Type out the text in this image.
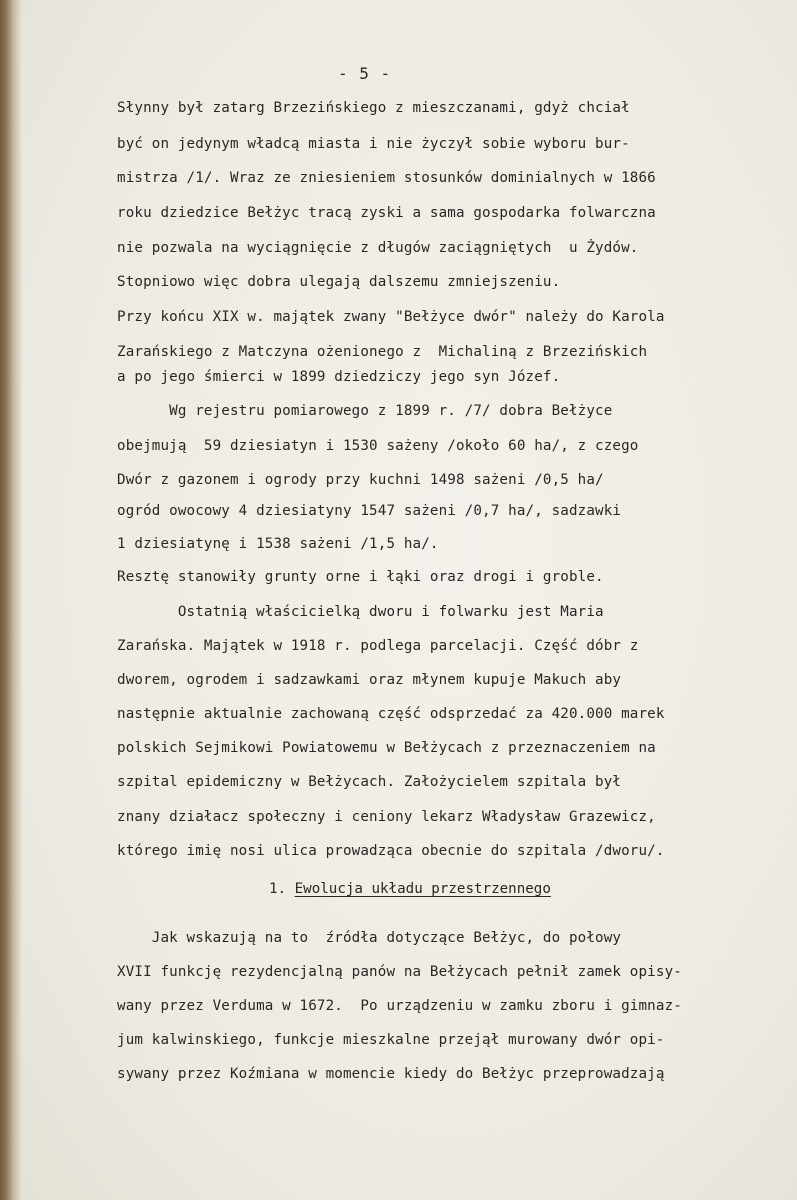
- 5 -
Słynny był zatarg Brzezińskiego z mieszczanami, gdyż chciał
być on jedynym władcą miasta i nie życzył sobie wyboru bur-
mistrza /1/. Wraz ze zniesieniem stosunków dominialnych w 1866
roku dziedzice Bełżyc tracą zyski a sama gospodarka folwarczna
nie pozwala na wyciągnięcie z długów zaciągniętych  u Żydów.
Stopniowo więc dobra ulegają dalszemu zmniejszeniu.
Przy końcu XIX w. majątek zwany "Bełżyce dwór" należy do Karola
Zarańskiego z Matczyna ożenionego z  Michaliną z Brzezińskich
a po jego śmierci w 1899 dziedziczy jego syn Józef.
Wg rejestru pomiarowego z 1899 r. /7/ dobra Bełżyce
obejmują  59 dziesiatyn i 1530 sażeny /około 60 ha/, z czego
Dwór z gazonem i ogrody przy kuchni 1498 sażeni /0,5 ha/
ogród owocowy 4 dziesiatyny 1547 sażeni /0,7 ha/, sadzawki
1 dziesiatynę i 1538 sażeni /1,5 ha/.
Resztę stanowiły grunty orne i łąki oraz drogi i groble.
Ostatnią właścicielką dworu i folwarku jest Maria
Zarańska. Majątek w 1918 r. podlega parcelacji. Część dóbr z
dworem, ogrodem i sadzawkami oraz młynem kupuje Makuch aby
następnie aktualnie zachowaną część odsprzedać za 420.000 marek
polskich Sejmikowi Powiatowemu w Bełżycach z przeznaczeniem na
szpital epidemiczny w Bełżycach. Założycielem szpitala był
znany działacz społeczny i ceniony lekarz Władysław Grazewicz,
którego imię nosi ulica prowadząca obecnie do szpitala /dworu/.
1. Ewolucja układu przestrzennego
Jak wskazują na to  źródła dotyczące Bełżyc, do połowy
XVII funkcję rezydencjalną panów na Bełżycach pełnił zamek opisy-
wany przez Verduma w 1672.  Po urządzeniu w zamku zboru i gimnaz-
jum kalwinskiego, funkcje mieszkalne przejął murowany dwór opi-
sywany przez Koźmiana w momencie kiedy do Bełżyc przeprowadzają
